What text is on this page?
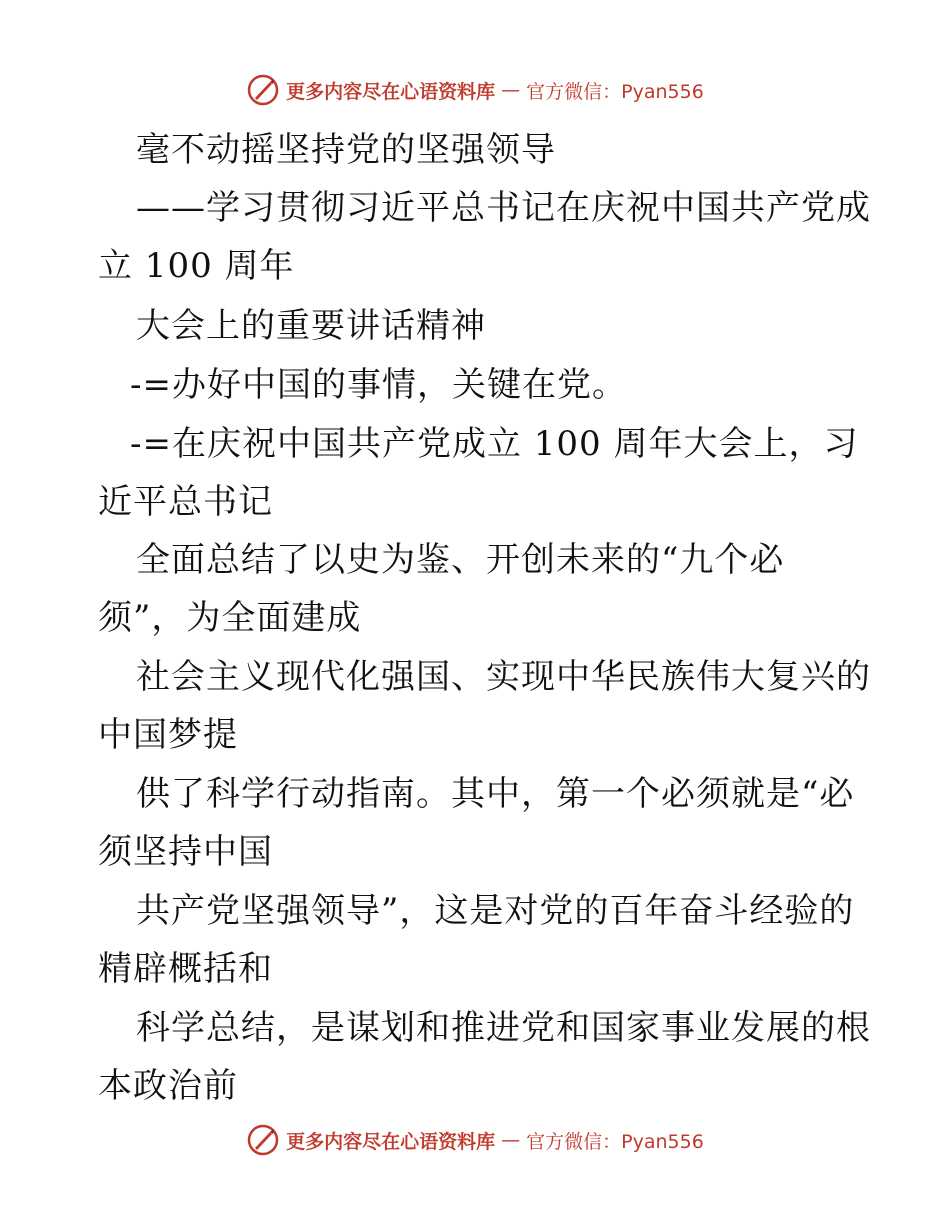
更多内容尽在心语资料库 — 官方微信：Pyan556
毫不动摇坚持党的坚强领导
——学习贯彻习近平总书记在庆祝中国共产党成
立 100 周年
大会上的重要讲话精神
-=办好中国的事情，关键在党。
-=在庆祝中国共产党成立 100 周年大会上，习
近平总书记
全面总结了以史为鉴、开创未来的“九个必
须”，为全面建成
社会主义现代化强国、实现中华民族伟大复兴的
中国梦提
供了科学行动指南。其中，第一个必须就是“必
须坚持中国
共产党坚强领导”，这是对党的百年奋斗经验的
精辟概括和
科学总结，是谋划和推进党和国家事业发展的根
本政治前
更多内容尽在心语资料库 — 官方微信：Pyan556
